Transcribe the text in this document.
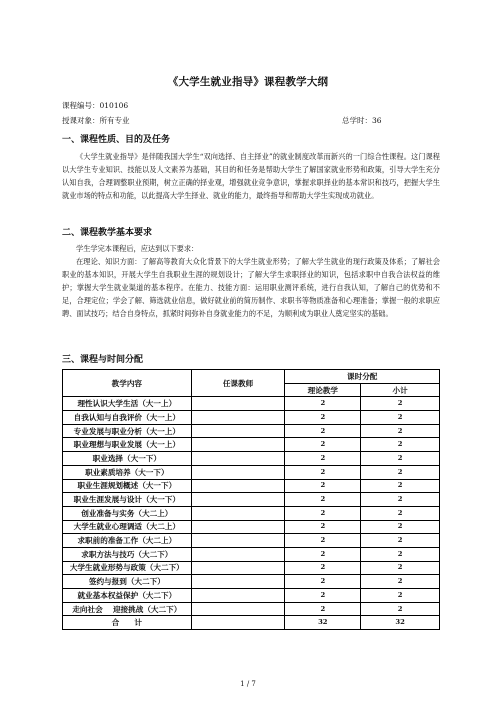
《大学生就业指导》课程教学大纲
课程编号：010106
授课对象：所有专业	总学时：36
一、课程性质、目的及任务

《大学生就业指导》是伴随我国大学生“双向选择、自主择业”的就业制度改革而新兴的一门综合性课程。这门课程以大学生专业知识、技能以及人文素养为基础，其目的和任务是帮助大学生了解国家就业形势和政策，引导大学生充分认知自我，合理调整职业预期，树立正确的择业观，增强就业竞争意识，掌握求职择业的基本常识和技巧，把握大学生就业市场的特点和功能，以此提高大学生择业、就业的能力，最终指导和帮助大学生实现成功就业。

二、课程教学基本要求

学生学完本课程后，应达到以下要求：

在理论、知识方面：了解高等教育大众化背景下的大学生就业形势；了解大学生就业的现行政策及体系；了解社会职业的基本知识，开展大学生自我职业生涯的规划设计；了解大学生求职择业的知识，包括求职中自我合法权益的维护；掌握大学生就业渠道的基本程序。在能力、技能方面：运用职业测评系统，进行自我认知，了解自己的优势和不足，合理定位；学会了解、筛选就业信息，做好就业前的简历制作、求职书等物质准备和心理准备；掌握一般的求职应聘、面试技巧；结合自身特点，抓紧时间弥补自身就业能力的不足，为顺利成为职业人奠定坚实的基础。

三、课程与时间分配
教学内容	任课教师	课时分配	
		理论教学	小计
理性认识大学生活（大一上）		2	2
自我认知与自我评价（大一上）		2	2
专业发展与职业分析（大一上）		2	2
职业理想与职业发展（大一上）		2	2
职业选择（大一下）		2	2
职业素质培养（大一下）		2	2
职业生涯规划概述（大一下）		2	2
职业生涯发展与设计（大一下）		2	2
创业准备与实务（大二上）		2	2
大学生就业心理调适（大二上）		2	2
求职前的准备工作（大二上）		2	2
求职方法与技巧（大二下）		2	2
大学生就业形势与政策（大二下）		2	2
签约与报到（大二下）		2	2
就业基本权益保护（大二下）		2	2
走向社会　 迎接挑战（大二下）		2	2
合　　计		32	32
1 / 7
